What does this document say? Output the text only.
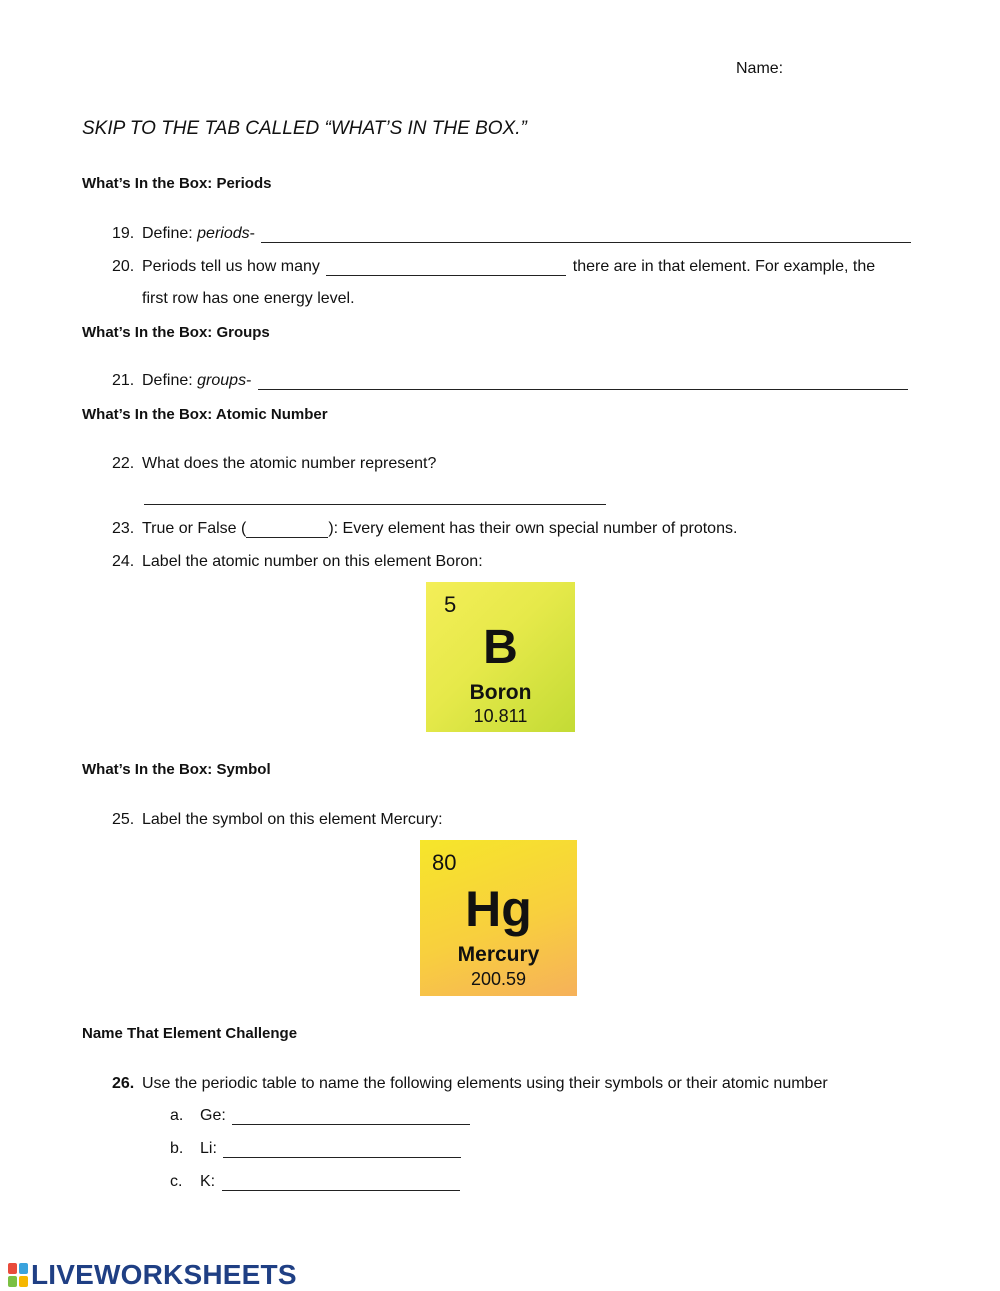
Name:
SKIP TO THE TAB CALLED “WHAT’S IN THE BOX.”
What’s In the Box: Periods
19. Define: periods-
20. Periods tell us how many	there are in that element. For example, the
first row has one energy level.
What’s In the Box: Groups
21. Define: groups-
What’s In the Box: Atomic Number
22. What does the atomic number represent?
23. True or False (	): Every element has their own special number of protons.
24. Label the atomic number on this element Boron:
5
B
Boron
10.811
What’s In the Box: Symbol
25. Label the symbol on this element Mercury:
80
Hg
Mercury
200.59
Name That Element Challenge
26. Use the periodic table to name the following elements using their symbols or their atomic number
a. Ge:
b. Li:
c. K:
LIVEWORKSHEETS
